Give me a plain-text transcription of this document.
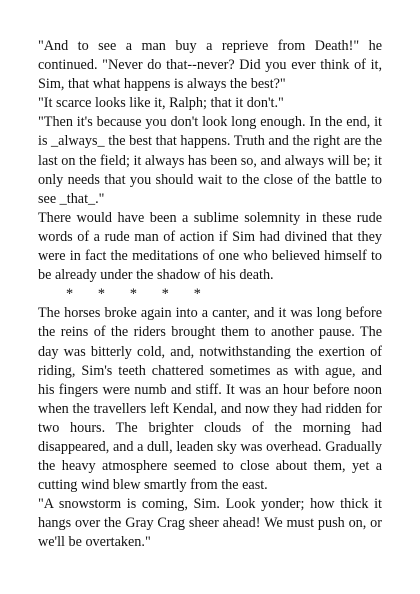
"And to see a man buy a reprieve from Death!" he continued. "Never do that--never? Did you ever think of it, Sim, that what happens is always the best?"

"It scarce looks like it, Ralph; that it don't."

"Then it's because you don't look long enough. In the end, it is _always_ the best that happens. Truth and the right are the last on the field; it always has been so, and always will be; it only needs that you should wait to the close of the battle to see _that_."

There would have been a sublime solemnity in these rude words of a rude man of action if Sim had divined that they were in fact the meditations of one who believed himself to be already under the shadow of his death.

*       *       *       *       *

The horses broke again into a canter, and it was long before the reins of the riders brought them to another pause. The day was bitterly cold, and, notwithstanding the exertion of riding, Sim's teeth chattered sometimes as with ague, and his fingers were numb and stiff. It was an hour before noon when the travellers left Kendal, and now they had ridden for two hours. The brighter clouds of the morning had disappeared, and a dull, leaden sky was overhead. Gradually the heavy atmosphere seemed to close about them, yet a cutting wind blew smartly from the east.

"A snowstorm is coming, Sim. Look yonder; how thick it hangs over the Gray Crag sheer ahead! We must push on, or we'll be overtaken."
